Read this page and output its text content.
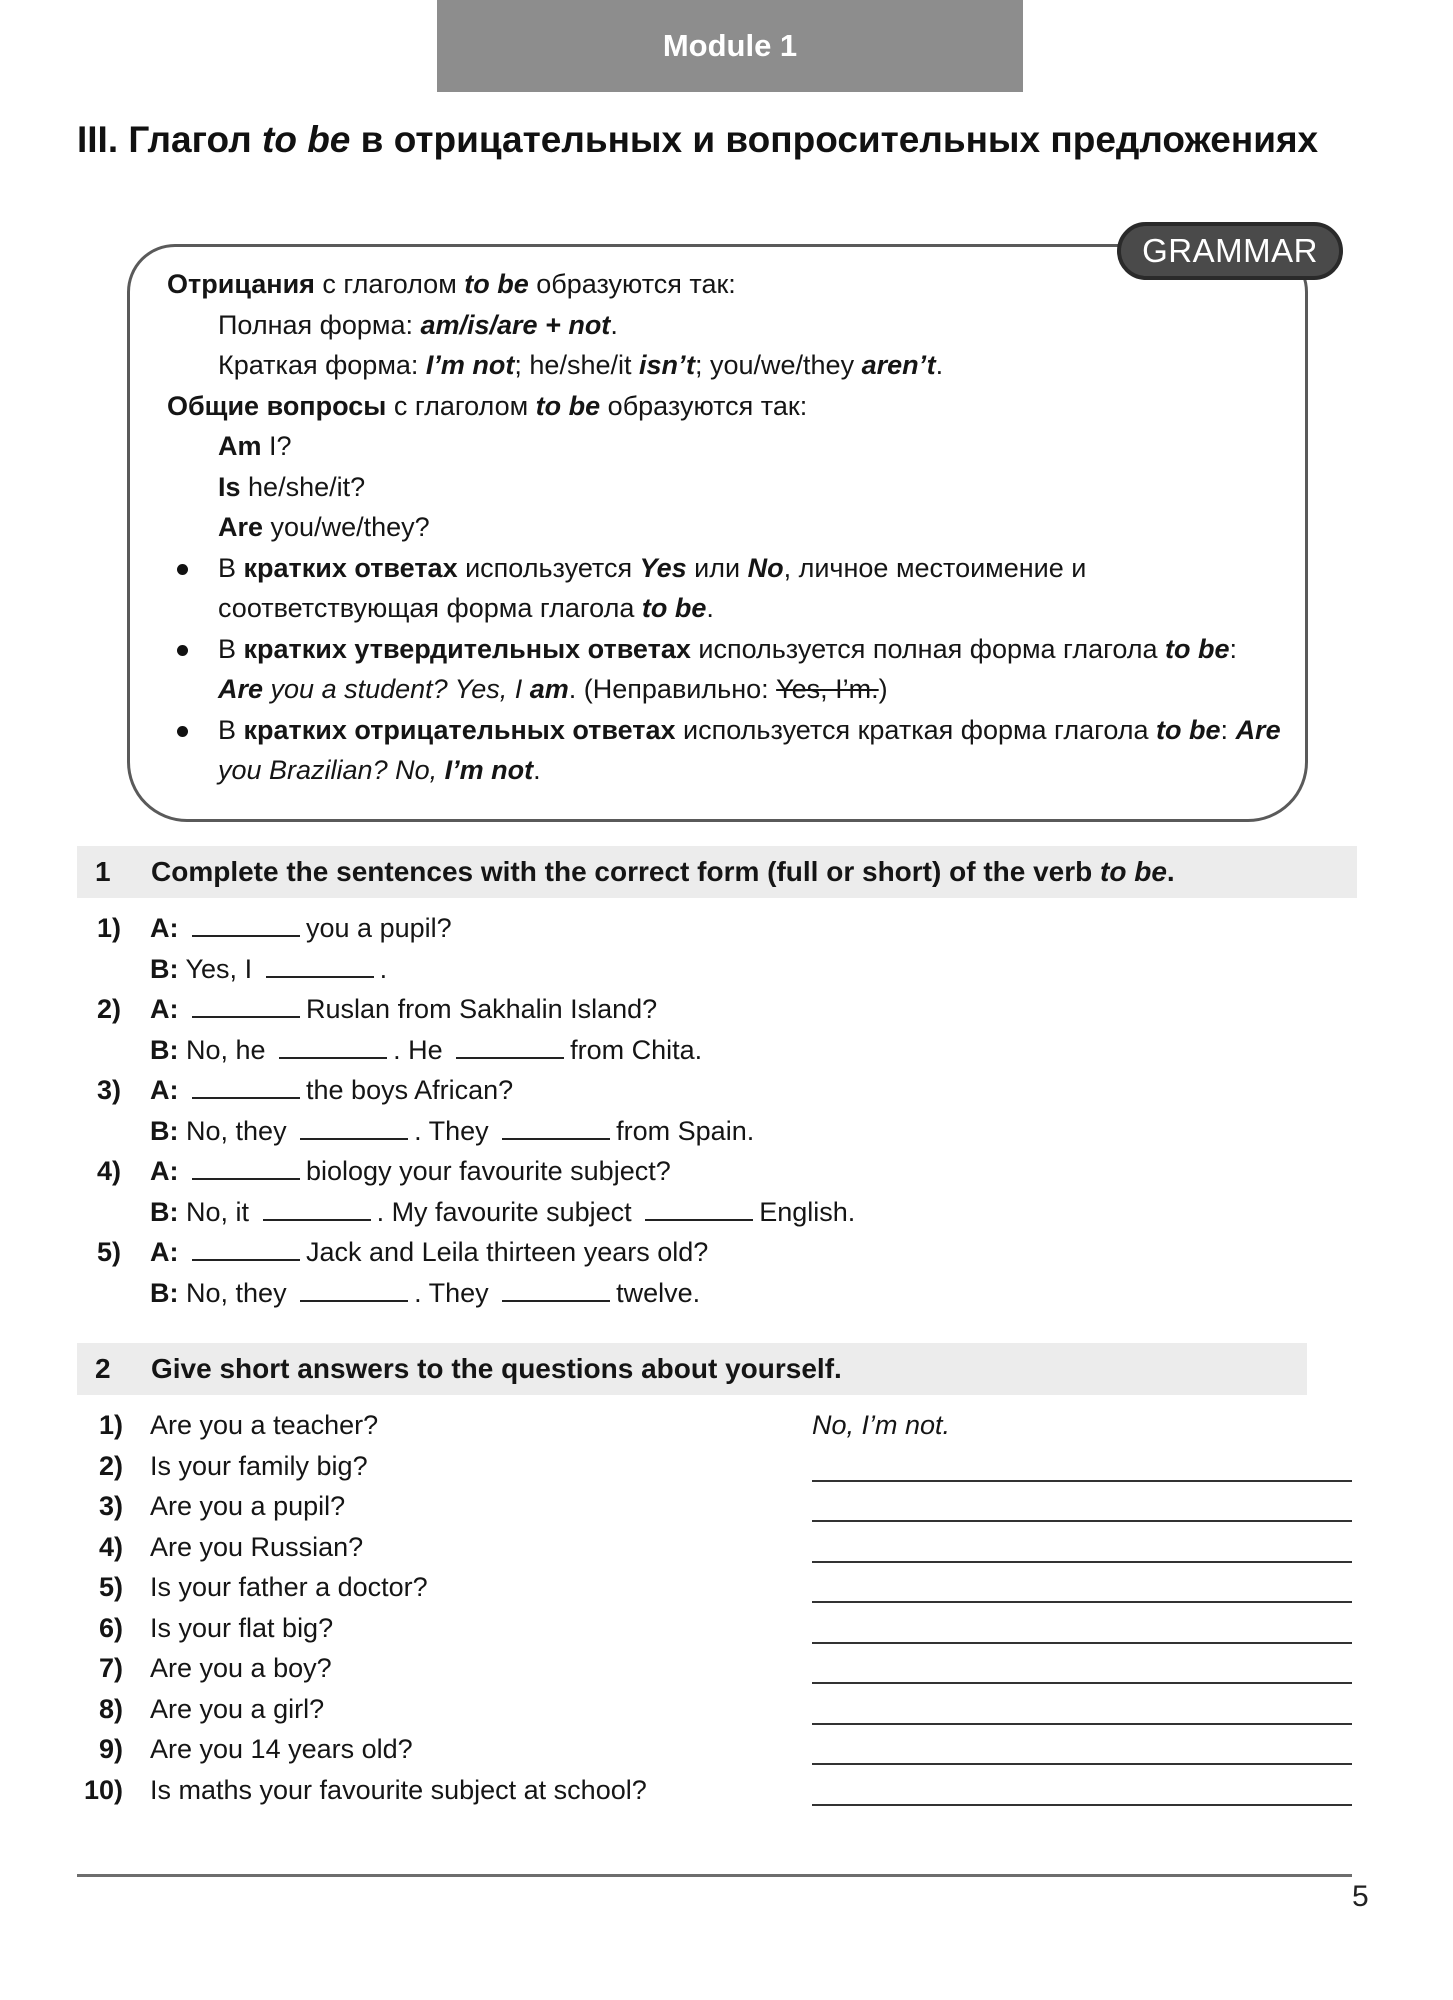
Module 1
III. Глагол to be в отрицательных и вопросительных предложениях
GRAMMAR

Отрицания с глаголом to be образуются так:

Полная форма: am/is/are + not.

Краткая форма: I’m not; he/she/it isn’t; you/we/they aren’t.

Общие вопросы с глаголом to be образуются так:

Am I?

Is he/she/it?

Are you/we/they?

В кратких ответах используется Yes или No, личное местоимение и соответствующая форма глагола to be.

В кратких утвердительных ответах используется полная форма глагола to be: Are you a student? Yes, I am. (Неправильно: Yes, I’m.)

В кратких отрицательных ответах используется краткая форма глагола to be: Are you Brazilian? No, I’m not.

1	Complete the sentences with the correct form (full or short) of the verb to be.
1) A:	you a pupil?
B: Yes, I	.
2) A:	Ruslan from Sakhalin Island?
B: No, he	. He	from Chita.
3) A:	the boys African?
B: No, they	. They	from Spain.
4) A:	biology your favourite subject?
B: No, it	. My favourite subject	English.
5) A:	Jack and Leila thirteen years old?
B: No, they	. They	twelve.
2	Give short answers to the questions about yourself.
1) Are you a teacher?	No, I’m not.
2) Is your family big?
3) Are you a pupil?
4) Are you Russian?
5) Is your father a doctor?
6) Is your flat big?
7) Are you a boy?
8) Are you a girl?
9) Are you 14 years old?
10) Is maths your favourite subject at school?
5
